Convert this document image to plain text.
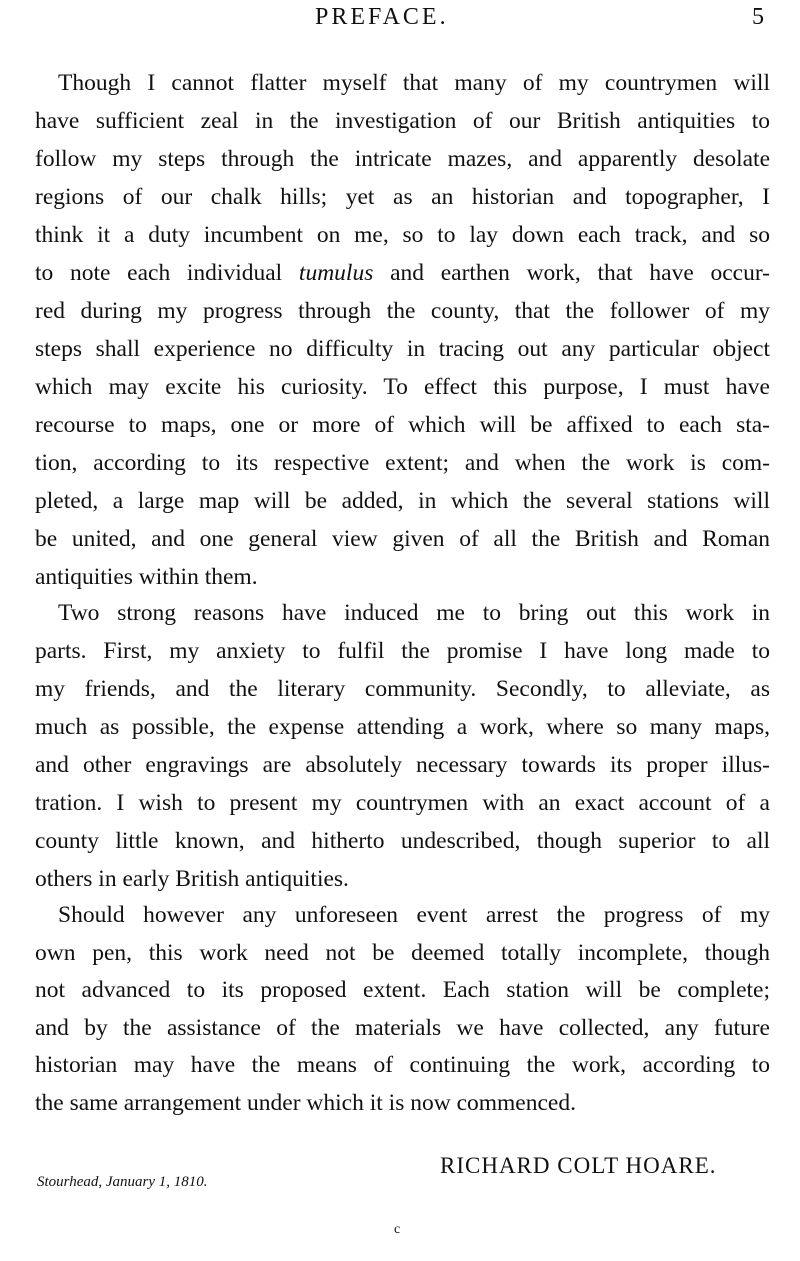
PREFACE.	5
Though I cannot flatter myself that many of my countrymen will
have sufficient zeal in the investigation of our British antiquities to
follow my steps through the intricate mazes, and apparently desolate
regions of our chalk hills; yet as an historian and topographer, I
think it a duty incumbent on me, so to lay down each track, and so
to note each individual tumulus and earthen work, that have occur-
red during my progress through the county, that the follower of my
steps shall experience no difficulty in tracing out any particular object
which may excite his curiosity. To effect this purpose, I must have
recourse to maps, one or more of which will be affixed to each sta-
tion, according to its respective extent; and when the work is com-
pleted, a large map will be added, in which the several stations will
be united, and one general view given of all the British and Roman
antiquities within them.
Two strong reasons have induced me to bring out this work in
parts. First, my anxiety to fulfil the promise I have long made to
my friends, and the literary community. Secondly, to alleviate, as
much as possible, the expense attending a work, where so many maps,
and other engravings are absolutely necessary towards its proper illus-
tration. I wish to present my countrymen with an exact account of a
county little known, and hitherto undescribed, though superior to all
others in early British antiquities.
Should however any unforeseen event arrest the progress of my
own pen, this work need not be deemed totally incomplete, though
not advanced to its proposed extent. Each station will be complete;
and by the assistance of the materials we have collected, any future
historian may have the means of continuing the work, according to
the same arrangement under which it is now commenced.
Stourhead, January 1, 1810.
RICHARD COLT HOARE.
c
